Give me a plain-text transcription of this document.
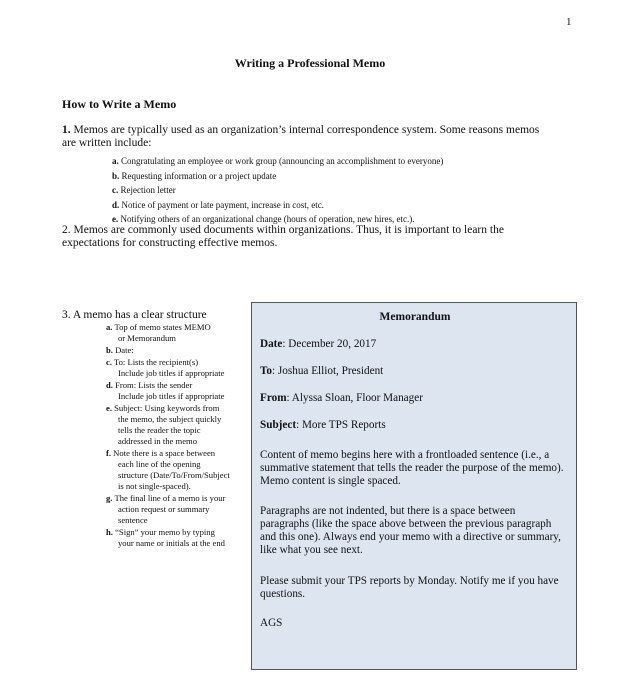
1
Writing a Professional Memo
How to Write a Memo
1. Memos are typically used as an organization’s internal correspondence system. Some reasons memos are written include:
a. Congratulating an employee or work group (announcing an accomplishment to everyone)
b. Requesting information or a project update
c. Rejection letter
d. Notice of payment or late payment, increase in cost, etc.
e. Notifying others of an organizational change (hours of operation, new hires, etc.).
2. Memos are commonly used documents within organizations. Thus, it is important to learn the expectations for constructing effective memos.
3. A memo has a clear structure
a. Top of memo states MEMO
or Memorandum
b. Date:
c. To: Lists the recipient(s)
Include job titles if appropriate
d. From: Lists the sender
Include job titles if appropriate
e. Subject: Using keywords from
the memo, the subject quickly
tells the reader the topic
addressed in the memo
f. Note there is a space between
each line of the opening
structure (Date/To/From/Subject
is not single-spaced).
g. The final line of a memo is your
action request or summary
sentence
h. “Sign” your memo by typing
your name or initials at the end
Memorandum
Date: December 20, 2017
To: Joshua Elliot, President
From: Alyssa Sloan, Floor Manager
Subject: More TPS Reports
Content of memo begins here with a frontloaded sentence (i.e., a summative statement that tells the reader the purpose of the memo). Memo content is single spaced.
Paragraphs are not indented, but there is a space between paragraphs (like the space above between the previous paragraph and this one). Always end your memo with a directive or summary, like what you see next.
Please submit your TPS reports by Monday. Notify me if you have questions.
AGS
